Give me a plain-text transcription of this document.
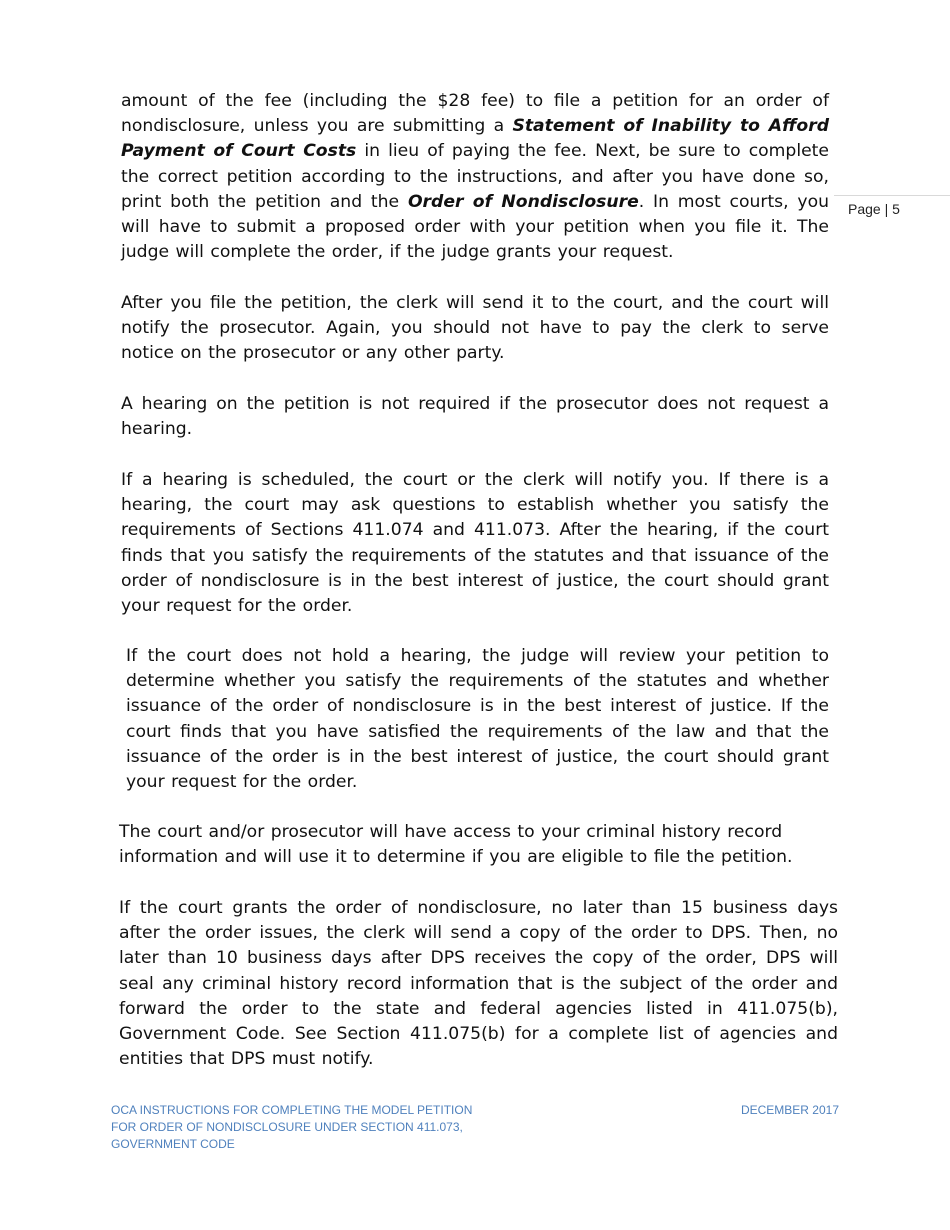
amount of the fee (including the $28 fee) to file a petition for an order of nondisclosure, unless you are submitting a Statement of Inability to Afford Payment of Court Costs in lieu of paying the fee. Next, be sure to complete the correct petition according to the instructions, and after you have done so, print both the petition and the Order of Nondisclosure. In most courts, you will have to submit a proposed order with your petition when you file it. The judge will complete the order, if the judge grants your request.

Page | 5

After you file the petition, the clerk will send it to the court, and the court will notify the prosecutor. Again, you should not have to pay the clerk to serve notice on the prosecutor or any other party.

A hearing on the petition is not required if the prosecutor does not request a hearing.

If a hearing is scheduled, the court or the clerk will notify you. If there is a hearing, the court may ask questions to establish whether you satisfy the requirements of Sections 411.074 and 411.073. After the hearing, if the court finds that you satisfy the requirements of the statutes and that issuance of the order of nondisclosure is in the best interest of justice, the court should grant your request for the order.

If the court does not hold a hearing, the judge will review your petition to determine whether you satisfy the requirements of the statutes and whether issuance of the order of nondisclosure is in the best interest of justice. If the court finds that you have satisfied the requirements of the law and that the issuance of the order is in the best interest of justice, the court should grant your request for the order.

The court and/or prosecutor will have access to your criminal history record information and will use it to determine if you are eligible to file the petition.

If the court grants the order of nondisclosure, no later than 15 business days after the order issues, the clerk will send a copy of the order to DPS. Then, no later than 10 business days after DPS receives the copy of the order, DPS will seal any criminal history record information that is the subject of the order and forward the order to the state and federal agencies listed in 411.075(b), Government Code. See Section 411.075(b) for a complete list of agencies and entities that DPS must notify.

OCA INSTRUCTIONS FOR COMPLETING THE MODEL PETITION
FOR ORDER OF NONDISCLOSURE UNDER SECTION 411.073,
GOVERNMENT CODE
DECEMBER 2017
